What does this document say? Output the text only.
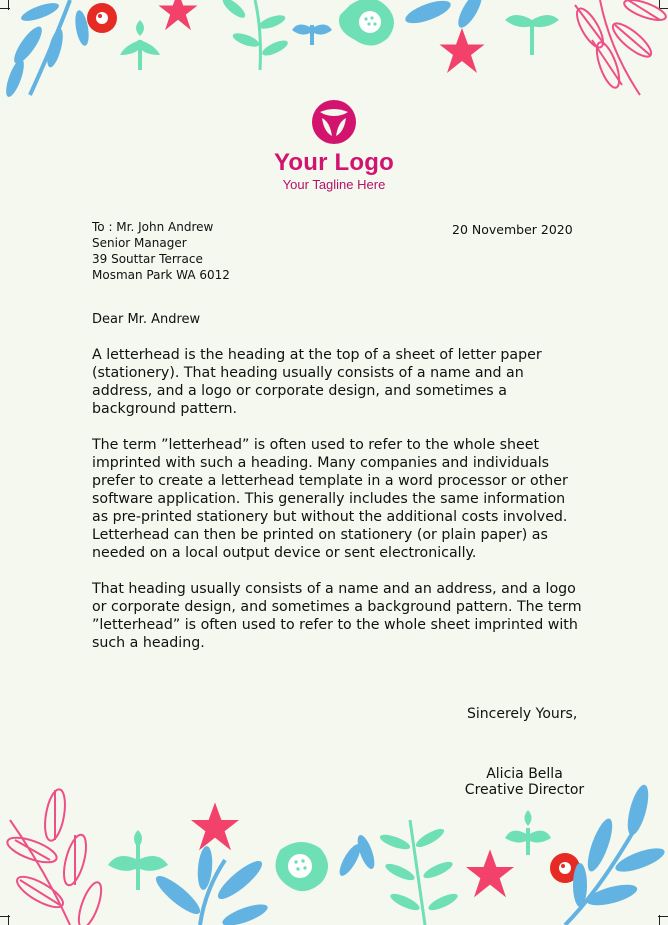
Your Logo
Your Tagline Here
To : Mr. John Andrew
Senior Manager
39 Souttar Terrace
Mosman Park WA 6012
20 November 2020
Dear Mr. Andrew

A letterhead is the heading at the top of a sheet of letter paper (stationery). That heading usually consists of a name and an address, and a logo or corporate design, and sometimes a background pattern.

The term ”letterhead” is often used to refer to the whole sheet imprinted with such a heading. Many companies and individuals prefer to create a letterhead template in a word processor or other software application. This generally includes the same information as pre-printed stationery but without the additional costs involved.

Letterhead can then be printed on stationery (or plain paper) as needed on a local output device or sent electronically.

That heading usually consists of a name and an address, and a logo or corporate design, and sometimes a background pattern. The term ”letterhead” is often used to refer to the whole sheet imprinted with such a heading.

Sincerely Yours,
Alicia Bella
Creative Director
